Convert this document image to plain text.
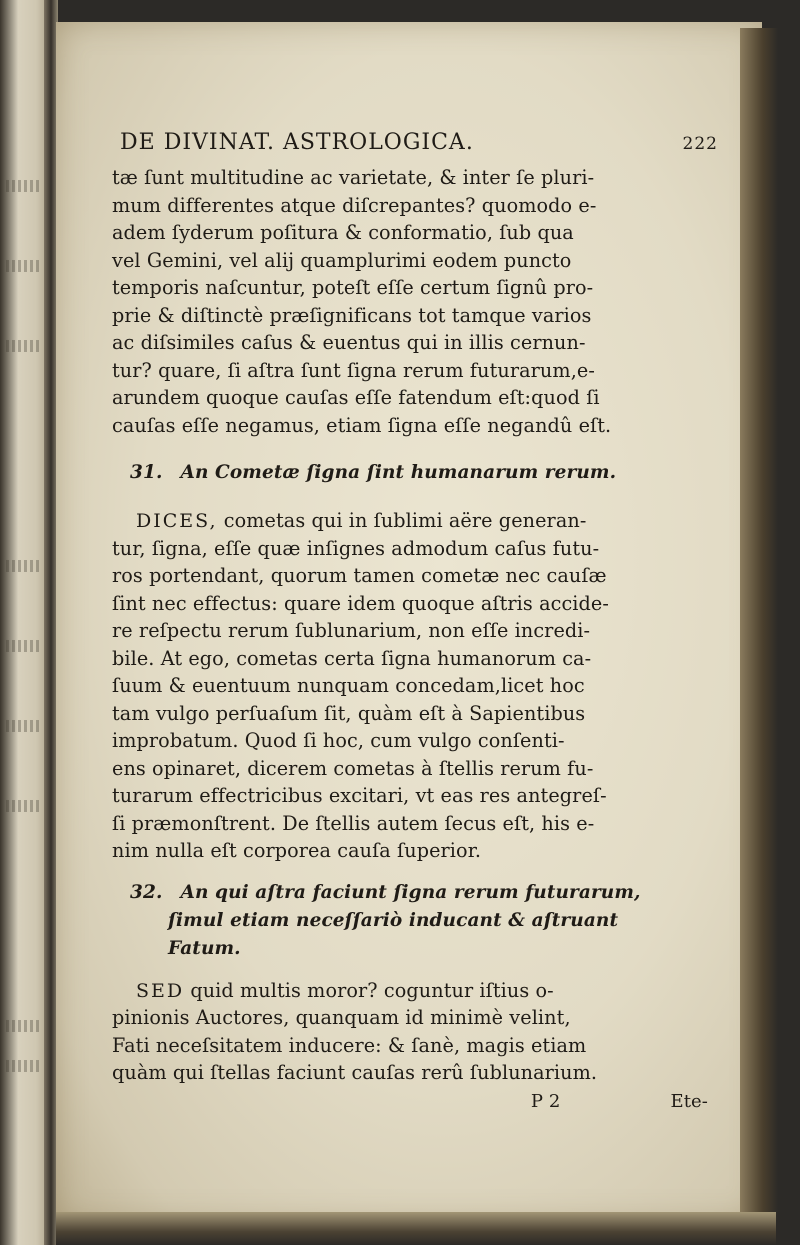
DE DIVINAT. ASTROLOGICA.	222
tæ ſunt multitudine ac varietate, & inter ſe pluri-
mum differentes atque diſcrepantes? quomodo e-
adem ſyderum poſitura & conformatio, ſub qua
vel Gemini, vel alij quamplurimi eodem puncto
temporis naſcuntur, poteſt eſſe certum ſignû pro-
prie & diſtinctè præſignificans tot tamque varios
ac diſsimiles caſus & euentus qui in illis cernun-
tur? quare, ſi aſtra ſunt ſigna rerum futurarum,e-
arundem quoque cauſas eſſe fatendum eſt:quod ſi
cauſas eſſe negamus, etiam ſigna eſſe negandû eſt.
31. An Cometæ ſigna ſint humanarum rerum.
DICES, cometas qui in ſublimi aëre generan-
tur, ſigna, eſſe quæ inſignes admodum caſus futu-
ros portendant, quorum tamen cometæ nec cauſæ
ſint nec effectus: quare idem quoque aſtris accide-
re reſpectu rerum ſublunarium, non eſſe incredi-
bile. At ego, cometas certa ſigna humanorum ca-
ſuum & euentuum nunquam concedam,licet hoc
tam vulgo perſuaſum ſit, quàm eſt à Sapientibus
improbatum. Quod ſi hoc, cum vulgo conſenti-
ens opinaret, dicerem cometas à ſtellis rerum fu-
turarum effectricibus excitari, vt eas res antegreſ-
ſi præmonſtrent. De ſtellis autem ſecus eſt, his e-
nim nulla eſt corporea cauſa ſuperior.
32. An qui aſtra faciunt ſigna rerum futurarum,
ſimul etiam neceſſariò inducant & aſtruant
Fatum.
SED quid multis moror? coguntur iſtius o-
pinionis Auctores, quanquam id minimè velint,
Fati neceſsitatem inducere: & ſanè, magis etiam
quàm qui ſtellas faciunt cauſas rerû ſublunarium.
P 2	Ete-
